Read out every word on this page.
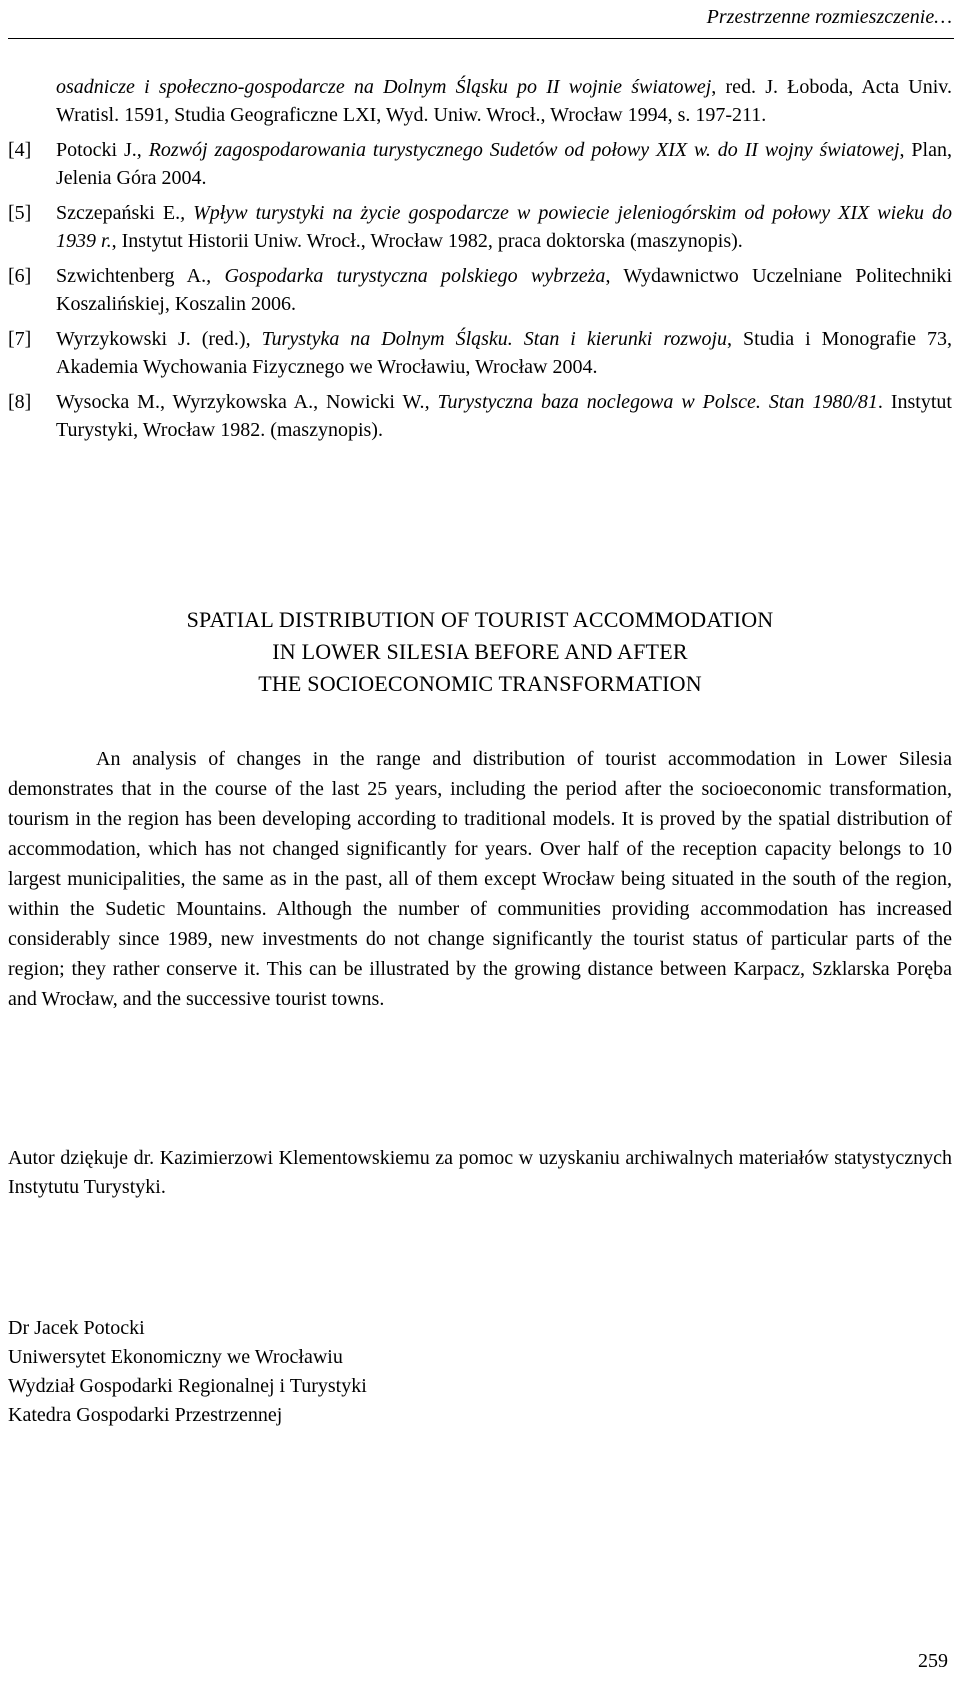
Przestrzenne rozmieszczenie…
osadnicze i społeczno-gospodarcze na Dolnym Śląsku po II wojnie światowej, red. J. Łoboda, Acta Univ. Wratisl. 1591, Studia Geograficzne LXI, Wyd. Uniw. Wrocł., Wrocław 1994, s. 197-211.
[4]	Potocki J., Rozwój zagospodarowania turystycznego Sudetów od połowy XIX w. do II wojny światowej, Plan, Jelenia Góra 2004.
[5]	Szczepański E., Wpływ turystyki na życie gospodarcze w powiecie jeleniogórskim od połowy XIX wieku do 1939 r., Instytut Historii Uniw. Wrocł., Wrocław 1982, praca doktorska (maszynopis).
[6]	Szwichtenberg A., Gospodarka turystyczna polskiego wybrzeża, Wydawnictwo Uczelniane Politechniki Koszalińskiej, Koszalin 2006.
[7]	Wyrzykowski J. (red.), Turystyka na Dolnym Śląsku. Stan i kierunki rozwoju, Studia i Monografie 73, Akademia Wychowania Fizycznego we Wrocławiu, Wrocław 2004.
[8]	Wysocka M., Wyrzykowska A., Nowicki W., Turystyczna baza noclegowa w Polsce. Stan 1980/81. Instytut Turystyki, Wrocław 1982. (maszynopis).
SPATIAL DISTRIBUTION OF TOURIST ACCOMMODATION
IN LOWER SILESIA BEFORE AND AFTER
THE SOCIOECONOMIC TRANSFORMATION
An analysis of changes in the range and distribution of tourist accommodation in Lower Silesia demonstrates that in the course of the last 25 years, including the period after the socioeconomic transformation, tourism in the region has been developing according to traditional models. It is proved by the spatial distribution of accommodation, which has not changed significantly for years. Over half of the reception capacity belongs to 10 largest municipalities, the same as in the past, all of them except Wrocław being situated in the south of the region, within the Sudetic Mountains. Although the number of communities providing accommodation has increased considerably since 1989, new investments do not change significantly the tourist status of particular parts of the region; they rather conserve it. This can be illustrated by the growing distance between Karpacz, Szklarska Poręba and Wrocław, and the successive tourist towns.
Autor dziękuje dr. Kazimierzowi Klementowskiemu za pomoc w uzyskaniu archiwalnych materiałów statystycznych Instytutu Turystyki.
Dr Jacek Potocki
Uniwersytet Ekonomiczny we Wrocławiu
Wydział Gospodarki Regionalnej i Turystyki
Katedra Gospodarki Przestrzennej
259
